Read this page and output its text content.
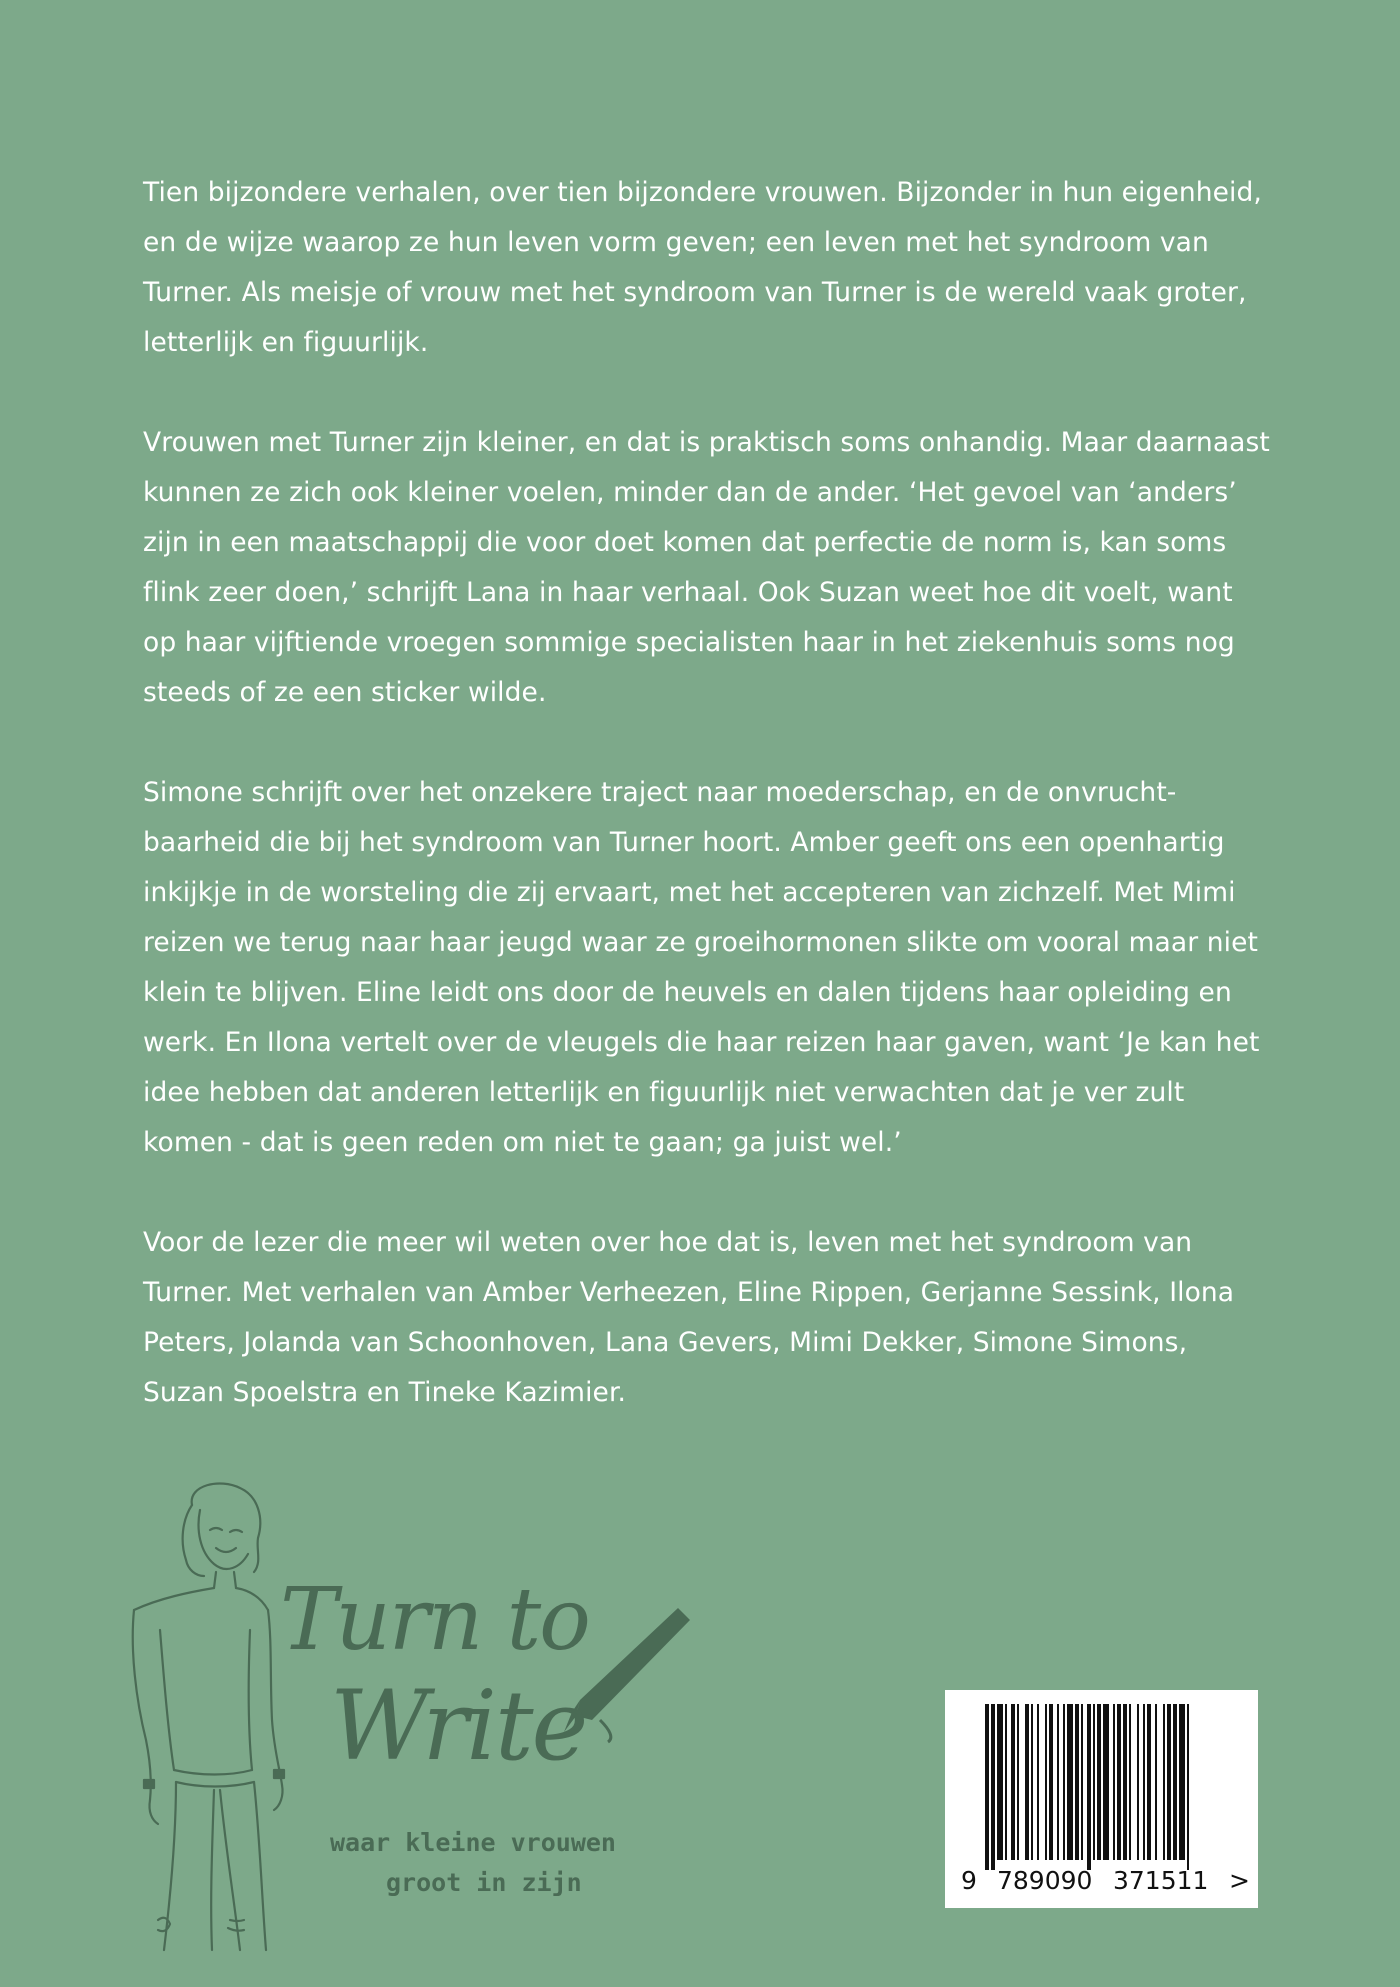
Tien bijzondere verhalen, over tien bijzondere vrouwen. Bijzonder in hun eigenheid, en de wijze waarop ze hun leven vorm geven; een leven met het syndroom van Turner. Als meisje of vrouw met het syndroom van Turner is de wereld vaak groter, letterlijk en figuurlijk.

Vrouwen met Turner zijn kleiner, en dat is praktisch soms onhandig. Maar daarnaast kunnen ze zich ook kleiner voelen, minder dan de ander. ‘Het gevoel van ‘anders’ zijn in een maatschappij die voor doet komen dat perfectie de norm is, kan soms flink zeer doen,’ schrijft Lana in haar verhaal. Ook Suzan weet hoe dit voelt, want op haar vijftiende vroegen sommige specialisten haar in het ziekenhuis soms nog steeds of ze een sticker wilde.

Simone schrijft over het onzekere traject naar moederschap, en de onvrucht-baarheid die bij het syndroom van Turner hoort. Amber geeft ons een openhartig inkijkje in de worsteling die zij ervaart, met het accepteren van zichzelf. Met Mimi reizen we terug naar haar jeugd waar ze groeihormonen slikte om vooral maar niet klein te blijven. Eline leidt ons door de heuvels en dalen tijdens haar opleiding en werk. En Ilona vertelt over de vleugels die haar reizen haar gaven, want ‘Je kan het idee hebben dat anderen letterlijk en figuurlijk niet verwachten dat je ver zult komen - dat is geen reden om niet te gaan; ga juist wel.’

Voor de lezer die meer wil weten over hoe dat is, leven met het syndroom van Turner. Met verhalen van Amber Verheezen, Eline Rippen, Gerjanne Sessink, Ilona Peters, Jolanda van Schoonhoven, Lana Gevers, Mimi Dekker, Simone Simons, Suzan Spoelstra en Tineke Kazimier.

Turn to
Write
waar kleine vrouwen
groot in zijn	9 789090 371511 >
